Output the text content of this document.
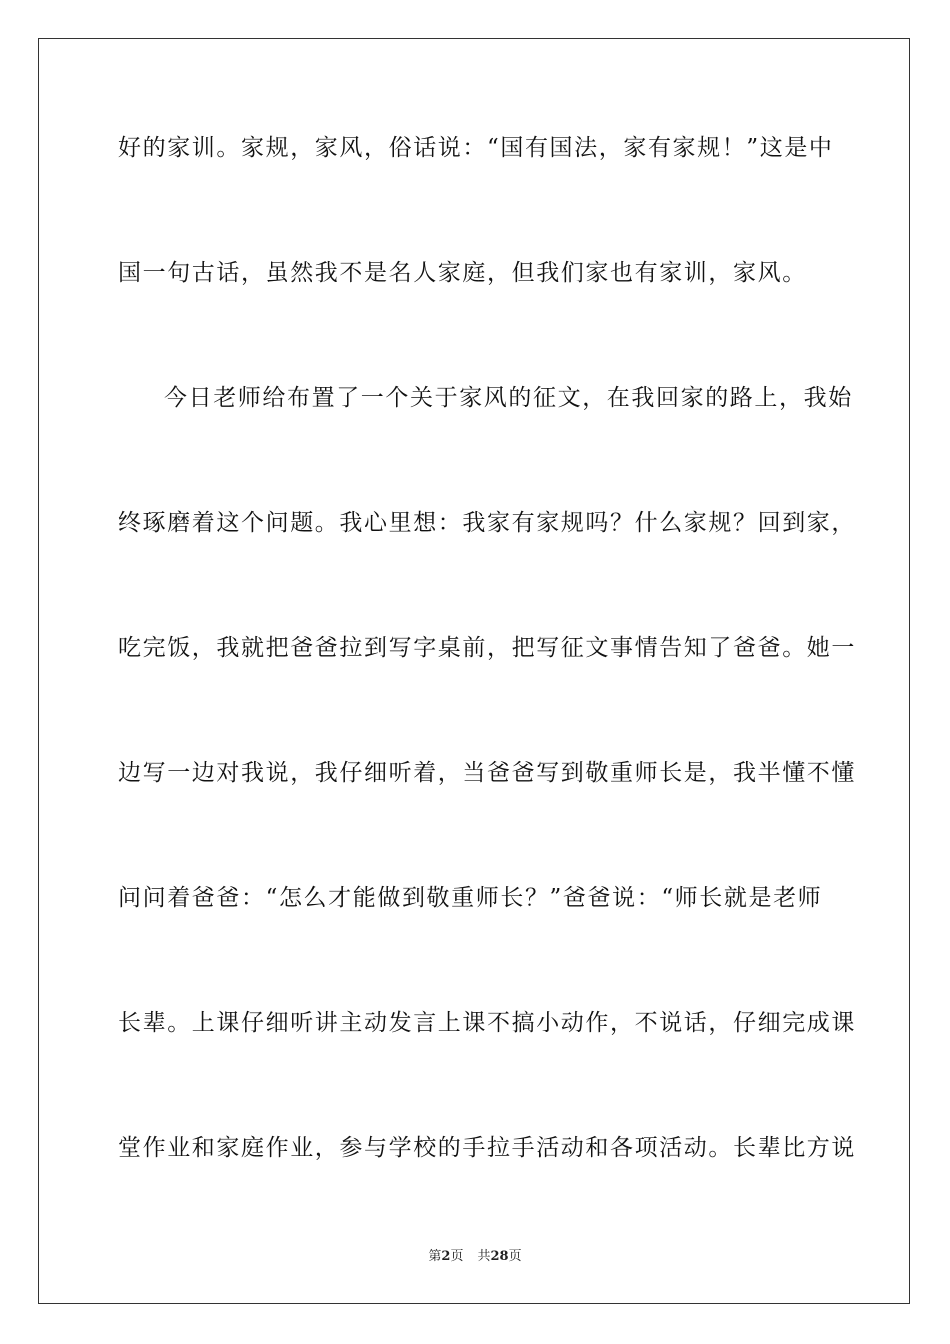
好的家训。家规，家风，俗话说：“国有国法，家有家规！”这是中
国一句古话，虽然我不是名人家庭，但我们家也有家训，家风。
今日老师给布置了一个关于家风的征文，在我回家的路上，我始
终琢磨着这个问题。我心里想：我家有家规吗？什么家规？回到家，
吃完饭，我就把爸爸拉到写字桌前，把写征文事情告知了爸爸。她一
边写一边对我说，我仔细听着，当爸爸写到敬重师长是，我半懂不懂
问问着爸爸：“怎么才能做到敬重师长？”爸爸说：“师长就是老师
长辈。上课仔细听讲主动发言上课不搞小动作，不说话，仔细完成课
堂作业和家庭作业，参与学校的手拉手活动和各项活动。长辈比方说
第2页 共28页
